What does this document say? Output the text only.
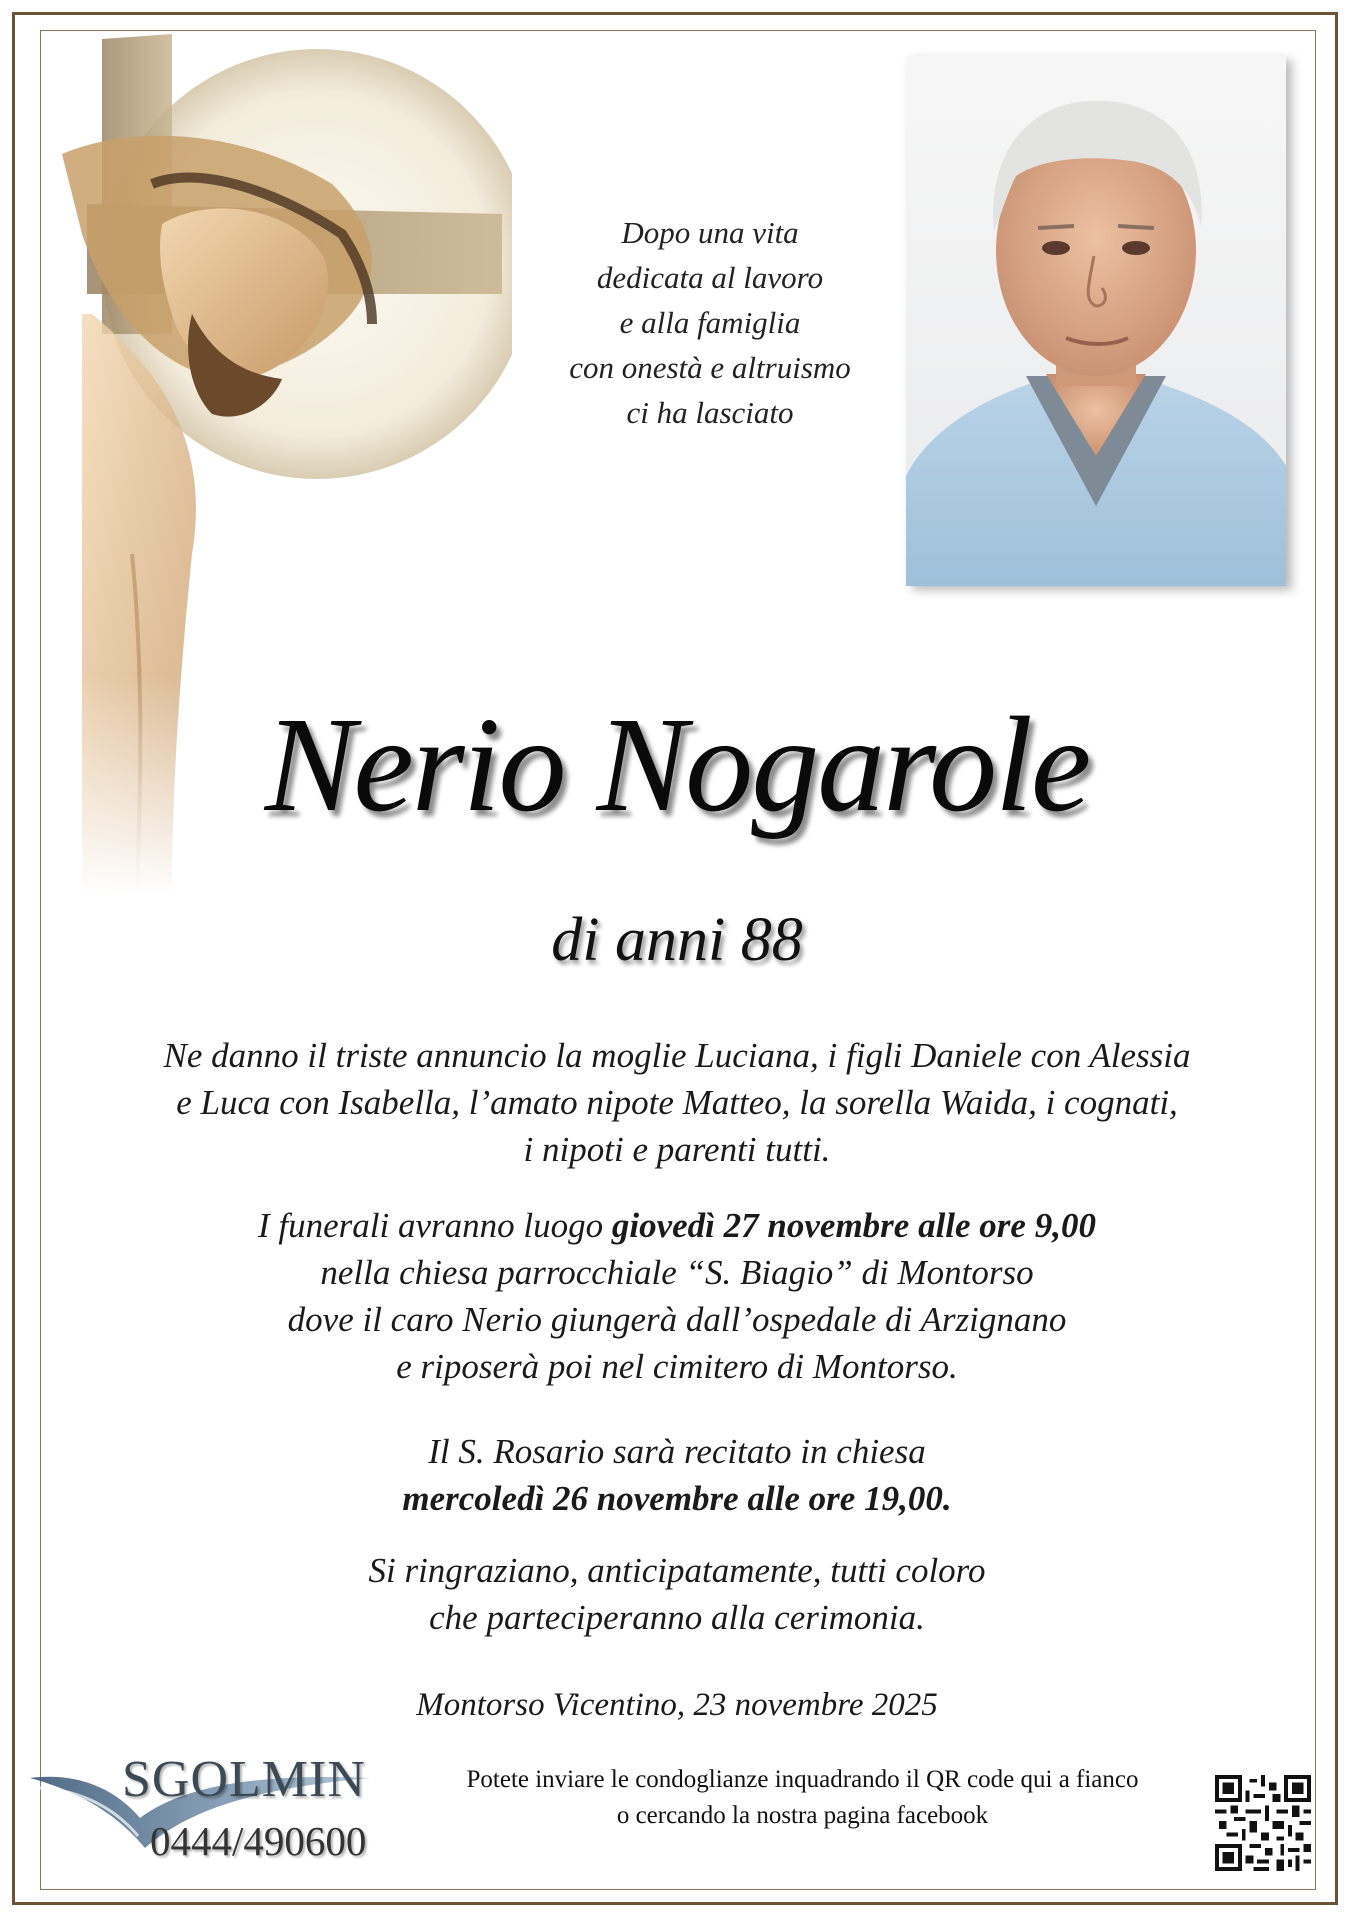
Dopo una vita
dedicata al lavoro
e alla famiglia
con onestà e altruismo
ci ha lasciato
Nerio Nogarole
di anni 88
Ne danno il triste annuncio la moglie Luciana, i figli Daniele con Alessia
e Luca con Isabella, l’amato nipote Matteo, la sorella Waida, i cognati,
i nipoti e parenti tutti.
I funerali avranno luogo giovedì 27 novembre alle ore 9,00
nella chiesa parrocchiale “S. Biagio” di Montorso
dove il caro Nerio giungerà dall’ospedale di Arzignano
e riposerà poi nel cimitero di Montorso.
Il S. Rosario sarà recitato in chiesa
mercoledì 26 novembre alle ore 19,00.
Si ringraziano, anticipatamente, tutti coloro
che parteciperanno alla cerimonia.
Montorso Vicentino, 23 novembre 2025
SGOLMIN
0444/490600
Potete inviare le condoglianze inquadrando il QR code qui a fianco
o cercando la nostra pagina facebook
